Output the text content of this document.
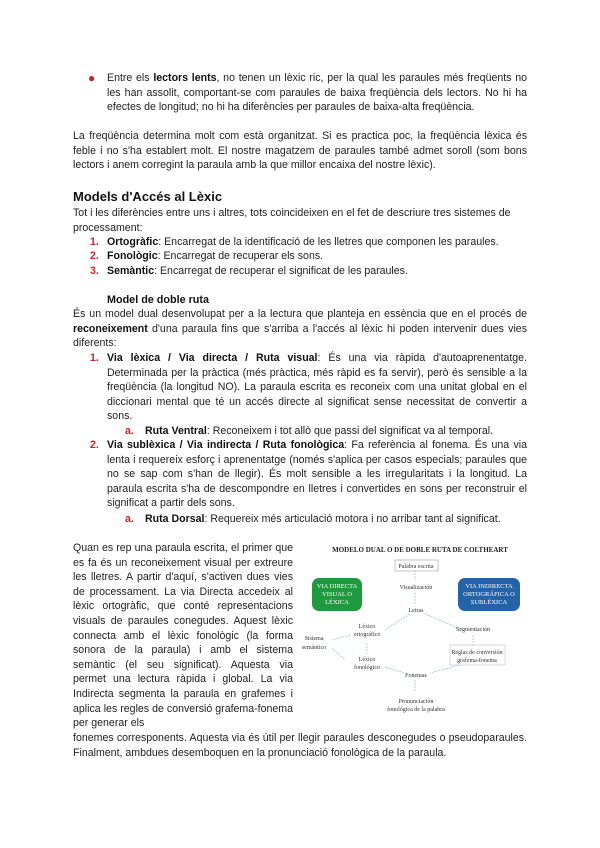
● Entre els lectors lents, no tenen un lèxic ric, per la qual les paraules més freqüents no les han assolit, comportant-se com paraules de baixa freqüència dels lectors. No hi ha efectes de longitud; no hi ha diferències per paraules de baixa-alta freqüència.
La freqüència determina molt com està organitzat. Si es practica poc, la freqüència lèxica és feble i no s'ha establert molt. El nostre magatzem de paraules també admet soroll (som bons lectors i anem corregint la paraula amb la que millor encaixa del nostre lèxic).
Models d'Accés al Lèxic
Tot i les diferències entre uns i altres, tots coincideixen en el fet de descriure tres sistemes de processament:
1. Ortogràfic: Encarregat de la identificació de les lletres que componen les paraules.
2. Fonològic: Encarregat de recuperar els sons.
3. Semàntic: Encarregat de recuperar el significat de les paraules.
Model de doble ruta
És un model dual desenvolupat per a la lectura que planteja en essència que en el procés de reconeixement d'una paraula fins que s'arriba a l'accés al lèxic hi poden intervenir dues vies diferents:
1. Via lèxica / Via directa / Ruta visual: És una via ràpida d'autoaprenentatge. Determinada per la pràctica (més pràctica, més ràpid es fa servir), però és sensible a la freqüència (la longitud NO). La paraula escrita es reconeix com una unitat global en el diccionari mental que té un accés directe al significat sense necessitat de convertir a sons.
a. Ruta Ventral: Reconeixem i tot allò que passi del significat va al temporal.
2. Via sublèxica / Via indirecta / Ruta fonològica: Fa referència al fonema. És una via lenta i requereix esforç i aprenentatge (només s'aplica per casos especials; paraules que no se sap com s'han de llegir). És molt sensible a les irregularitats i la longitud. La paraula escrita s'ha de descompondre en lletres i convertides en sons per reconstruir el significat a partir dels sons.
a. Ruta Dorsal: Requereix més articulació motora i no arribar tant al significat.
Quan es rep una paraula escrita, el primer que es fa és un reconeixement visual per extreure les lletres. A partir d'aquí, s'activen dues vies de processament. La via Directa accedeix al lèxic ortogràfic, que conté representacions visuals de paraules conegudes. Aquest lèxic connecta amb el lèxic fonològic (la forma sonora de la paraula) i amb el sistema semàntic (el seu significat). Aquesta via permet una lectura ràpida i global. La via Indirecta segmenta la paraula en grafemes i aplica les regles de conversió grafema-fonema per generar els
fonemes corresponents. Aquesta via és útil per llegir paraules desconegudes o pseudoparaules. Finalment, ambdues desemboquen en la pronunciació fonològica de la paraula.
MODELO DUAL O DE DOBLE RUTA DE COLTHEART
Palabra escrita
Visualización
Letras
VIA DIRECTA
VISUAL O
LÉXICA
VIA INDIRECTA
ORTOGRÁFICA O
SUBLÉXICA
Léxico
ortográfico
Sistema
semántico
Léxico
fonológico
Segmentación
Reglas de conversión
grafema-fonema
Fonemas
Pronunciación
fonológica de la palabra
